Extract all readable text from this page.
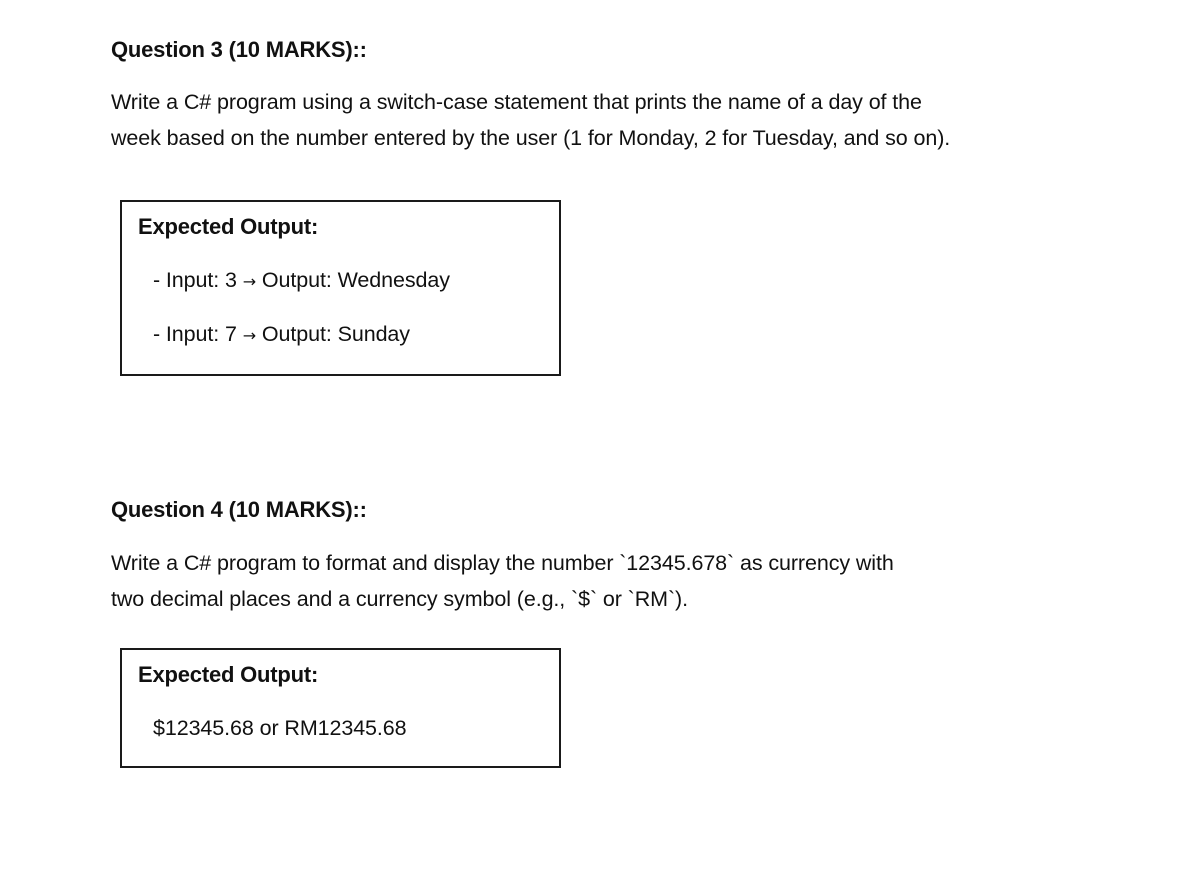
Question 3 (10 MARKS)::

Write a C# program using a switch-case statement that prints the name of a day of the
week based on the number entered by the user (1 for Monday, 2 for Tuesday, and so on).

Expected Output:
- Input: 3 → Output: Wednesday
- Input: 7 → Output: Sunday
Question 4 (10 MARKS)::

Write a C# program to format and display the number `12345.678` as currency with
two decimal places and a currency symbol (e.g., `$` or `RM`).

Expected Output:
$12345.68 or RM12345.68
